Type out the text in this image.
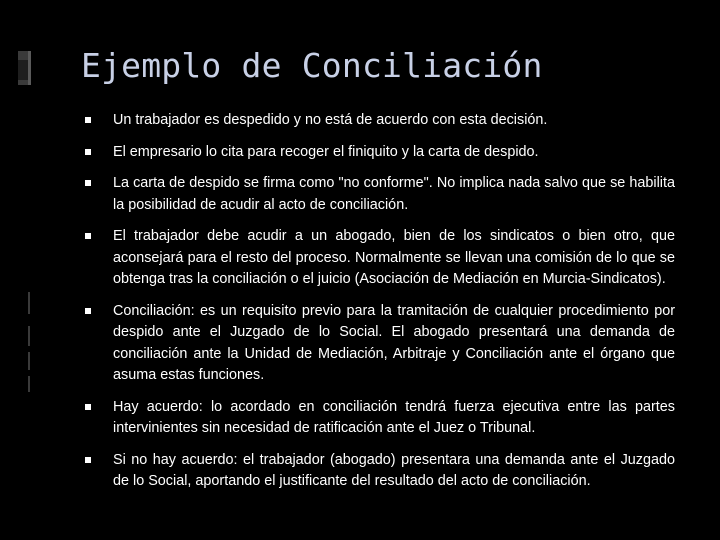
Ejemplo de Conciliación
Un trabajador es despedido y no está de acuerdo con esta decisión.
El empresario lo cita para recoger el finiquito y la carta de despido.
La carta de despido se firma como "no conforme". No implica nada salvo que se habilita la posibilidad de acudir al acto de conciliación.
El trabajador debe acudir a un abogado, bien de los sindicatos o bien otro, que aconsejará para el resto del proceso. Normalmente se llevan una comisión de lo que se obtenga tras la conciliación o el juicio (Asociación de Mediación en Murcia-Sindicatos).
Conciliación: es un requisito previo para la tramitación de cualquier procedimiento por despido ante el Juzgado de lo Social. El abogado presentará una demanda de conciliación ante la Unidad de Mediación, Arbitraje y Conciliación ante el órgano que asuma estas funciones.
Hay acuerdo: lo acordado en conciliación tendrá fuerza ejecutiva entre las partes intervinientes sin necesidad de ratificación ante el Juez o Tribunal.
Si no hay acuerdo: el trabajador (abogado) presentara una demanda ante el Juzgado de lo Social, aportando el justificante del resultado del acto de conciliación.
